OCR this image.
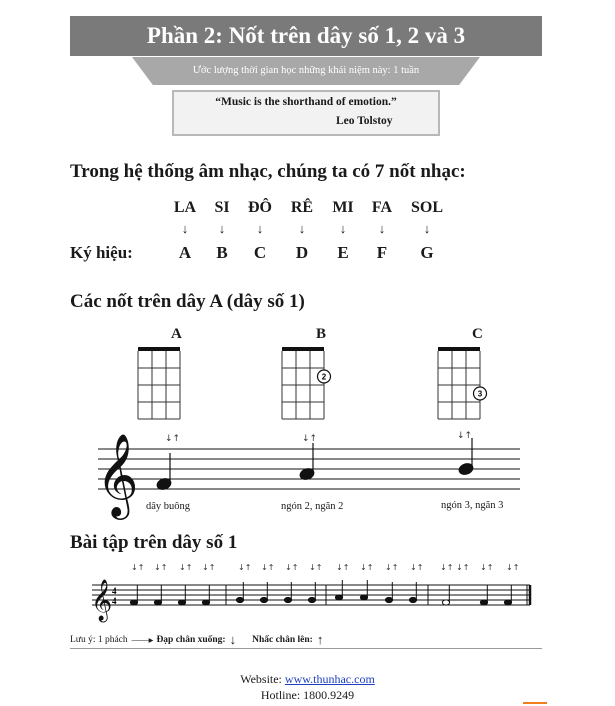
Phần 2: Nốt trên dây số 1, 2 và 3
Ước lượng thời gian học những khái niệm này: 1 tuần
“Music is the shorthand of emotion.”
Leo Tolstoy
Trong hệ thống âm nhạc, chúng ta có 7 nốt nhạc:
LA	SI	ĐÔ	RÊ	MI	FA	SOL
↓	↓	↓	↓	↓	↓	↓
Ký hiệu:	A	B	C	D	E	F	G
Các nốt trên dây A (dây số 1)
A	B	C
2
3
↓↑	↓↑	↓↑
𝄞 dây buông	ngón 2, ngăn 2	ngón 3, ngăn 3
Bài tập trên dây số 1
↓↑ ↓↑ ↓↑ ↓↑	↓↑ ↓↑ ↓↑ ↓↑ ↓↑ ↓↑ ↓↑ ↓↑ ↓↑ ↓↑ ↓↑ ↓↑
𝄞 4
4
Lưu ý: 1 phách ——▸ Đạp chân xuống: ↓ Nhấc chân lên: ↑
Website: www.thunhac.com
Hotline: 1800.9249
